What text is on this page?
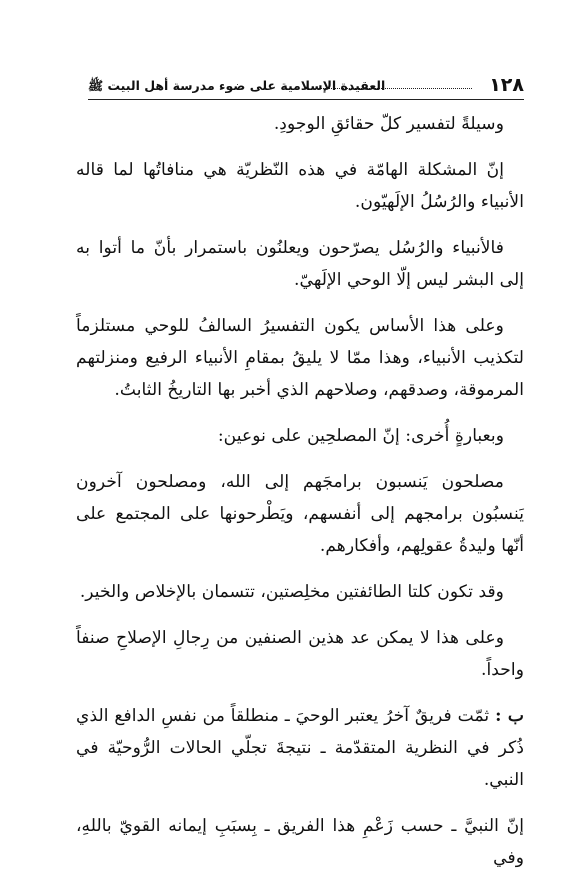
١٢٨
العقيدة الإسلامية على ضوء مدرسة أهل البيت ﷺ

وسيلةً لتفسير كلّ حقائقِ الوجودِ.

إنّ المشكلة الهامّة في هذه النّظريّة هي منافاتُها لما قاله الأنبياء والرُسُلُ الإلَهيّون.

فالأنبياء والرُسُل يصرّحون ويعلنُون باستمرار بأنّ ما أتوا به إلى البشر ليس إلّا الوحي الإلَهيّ.

وعلى هذا الأساس يكون التفسيرُ السالفُ للوحي مستلزماً لتكذيب الأنبياء، وهذا ممّا لا يليقُ بمقامِ الأنبياء الرفيع ومنزلتهم المرموقة، وصدقهم، وصلاحهم الذي أخبر بها التاريخُ الثابتُ.

وبعبارةٍ أُخرى: إنّ المصلحِين على نوعين:

مصلحون يَنسبون برامجَهم إلى الله، ومصلحون آخرون يَنسبُون برامجهم إلى أنفسهم، ويَطْرحونها على المجتمع على أنّها وليدةُ عقولِهم، وأفكارهم.

وقد تكون كلتا الطائفتين مخلِصتين، تتسمان بالإخلاص والخير.

وعلى هذا لا يمكن عد هذين الصنفين من رِجالِ الإصلاحِ صنفاً واحداً.

ب : ثمّت فريقٌ آخرُ يعتبر الوحيَ ـ منطلقاً من نفسِ الدافع الذي ذُكر في النظرية المتقدّمة ـ نتيجةَ تجلّي الحالات الرُّوحيّة في النبي.

إنّ النبيَّ ـ حسب زَعْمِ هذا الفريق ـ بِسبَبِ إيمانه القويّ باللهِ، وفي
